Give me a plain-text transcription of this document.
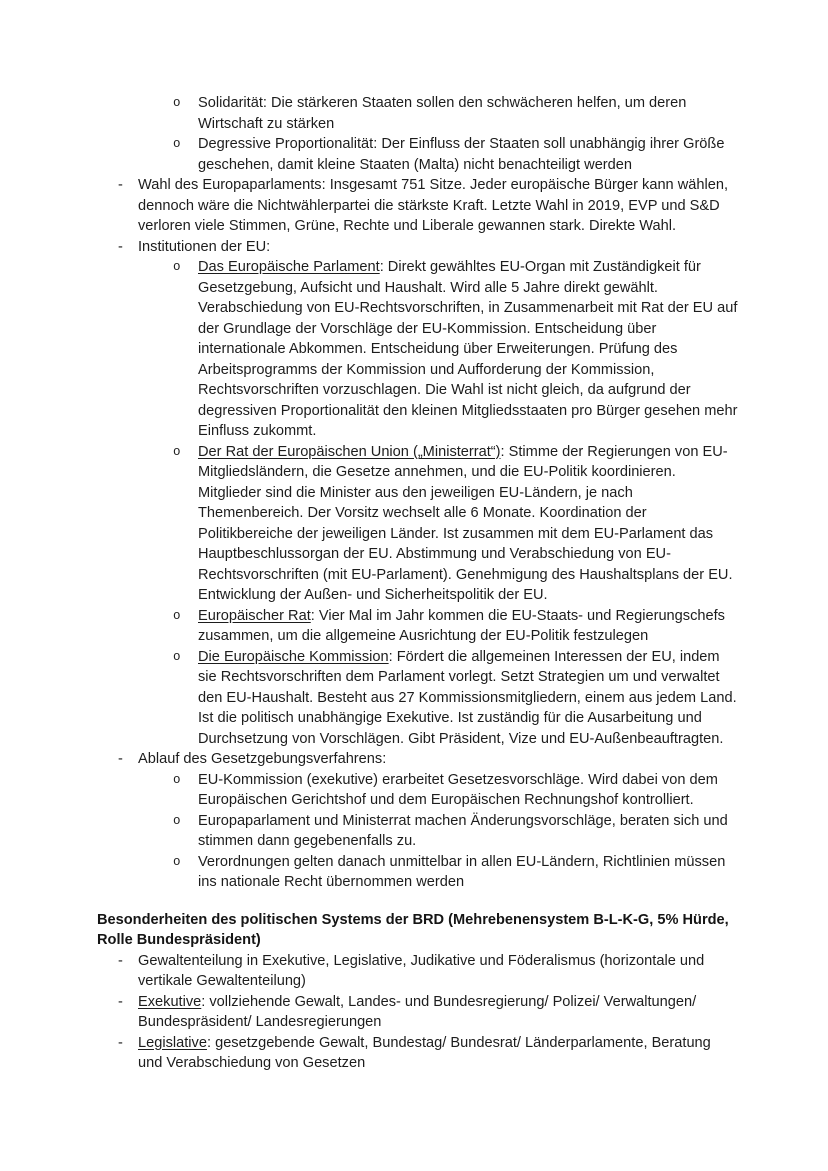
o Solidarität: Die stärkeren Staaten sollen den schwächeren helfen, um deren Wirtschaft zu stärken
o Degressive Proportionalität: Der Einfluss der Staaten soll unabhängig ihrer Größe geschehen, damit kleine Staaten (Malta) nicht benachteiligt werden
- Wahl des Europaparlaments: Insgesamt 751 Sitze. Jeder europäische Bürger kann wählen, dennoch wäre die Nichtwählerpartei die stärkste Kraft. Letzte Wahl in 2019, EVP und S&D verloren viele Stimmen, Grüne, Rechte und Liberale gewannen stark. Direkte Wahl.
- Institutionen der EU:
o Das Europäische Parlament: Direkt gewähltes EU-Organ mit Zuständigkeit für Gesetzgebung, Aufsicht und Haushalt. Wird alle 5 Jahre direkt gewählt. Verabschiedung von EU-Rechtsvorschriften, in Zusammenarbeit mit Rat der EU auf der Grundlage der Vorschläge der EU-Kommission. Entscheidung über internationale Abkommen. Entscheidung über Erweiterungen. Prüfung des Arbeitsprogramms der Kommission und Aufforderung der Kommission, Rechtsvorschriften vorzuschlagen. Die Wahl ist nicht gleich, da aufgrund der degressiven Proportionalität den kleinen Mitgliedsstaaten pro Bürger gesehen mehr Einfluss zukommt.
o Der Rat der Europäischen Union („Ministerrat“): Stimme der Regierungen von EU-Mitgliedsländern, die Gesetze annehmen, und die EU-Politik koordinieren. Mitglieder sind die Minister aus den jeweiligen EU-Ländern, je nach Themenbereich. Der Vorsitz wechselt alle 6 Monate. Koordination der Politikbereiche der jeweiligen Länder. Ist zusammen mit dem EU-Parlament das Hauptbeschlussorgan der EU. Abstimmung und Verabschiedung von EU-Rechtsvorschriften (mit EU-Parlament). Genehmigung des Haushaltsplans der EU. Entwicklung der Außen- und Sicherheitspolitik der EU.
o Europäischer Rat: Vier Mal im Jahr kommen die EU-Staats- und Regierungschefs zusammen, um die allgemeine Ausrichtung der EU-Politik festzulegen
o Die Europäische Kommission: Fördert die allgemeinen Interessen der EU, indem sie Rechtsvorschriften dem Parlament vorlegt. Setzt Strategien um und verwaltet den EU-Haushalt. Besteht aus 27 Kommissionsmitgliedern, einem aus jedem Land. Ist die politisch unabhängige Exekutive. Ist zuständig für die Ausarbeitung und Durchsetzung von Vorschlägen. Gibt Präsident, Vize und EU-Außenbeauftragten.
- Ablauf des Gesetzgebungsverfahrens:
o EU-Kommission (exekutive) erarbeitet Gesetzesvorschläge. Wird dabei von dem Europäischen Gerichtshof und dem Europäischen Rechnungshof kontrolliert.
o Europaparlament und Ministerrat machen Änderungsvorschläge, beraten sich und stimmen dann gegebenenfalls zu.
o Verordnungen gelten danach unmittelbar in allen EU-Ländern, Richtlinien müssen ins nationale Recht übernommen werden
Besonderheiten des politischen Systems der BRD (Mehrebenensystem B-L-K-G, 5% Hürde, Rolle Bundespräsident)
- Gewaltenteilung in Exekutive, Legislative, Judikative und Föderalismus (horizontale und vertikale Gewaltenteilung)
- Exekutive: vollziehende Gewalt, Landes- und Bundesregierung/ Polizei/ Verwaltungen/ Bundespräsident/ Landesregierungen
- Legislative: gesetzgebende Gewalt, Bundestag/ Bundesrat/ Länderparlamente, Beratung und Verabschiedung von Gesetzen
